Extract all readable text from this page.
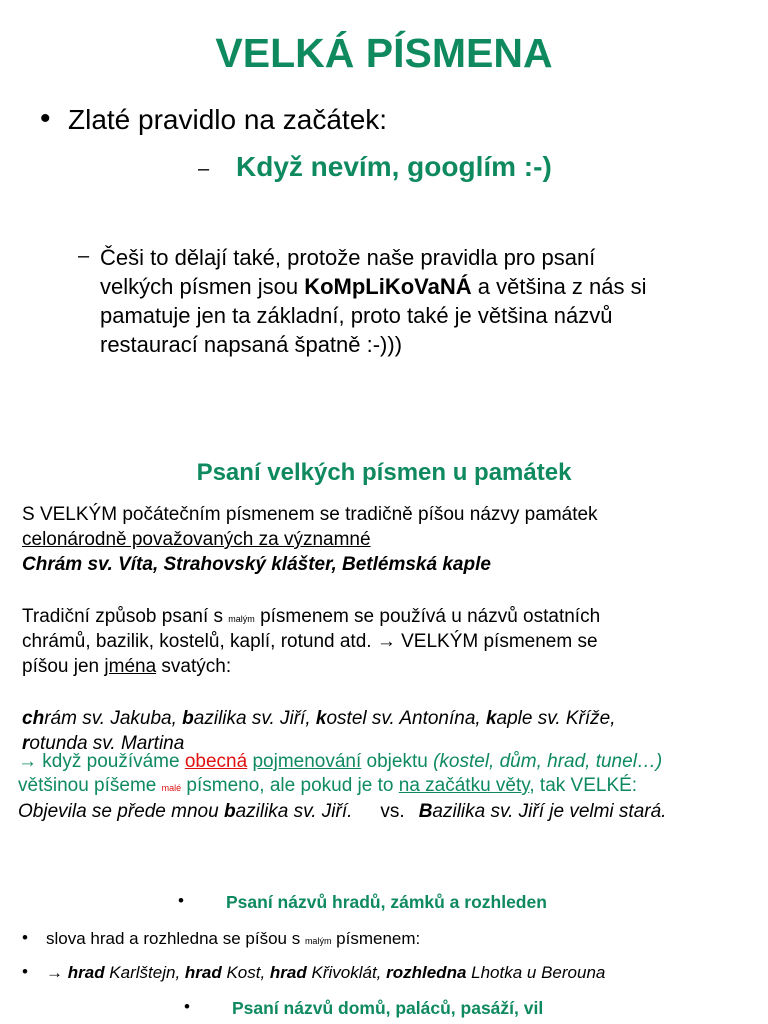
VELKÁ PÍSMENA
• Zlaté pravidlo na začátek:
– Když nevím, googlím :-)
– Češi to dělají také, protože naše pravidla pro psaní
velkých písmen jsou KoMpLiKoVaNÁ a většina z nás si
pamatuje jen ta základní, proto také je většina názvů
restaurací napsaná špatně :-)))
Psaní velkých písmen u památek
S VELKÝM počátečním písmenem se tradičně píšou názvy památek
celonárodně považovaných za významné
Chrám sv. Víta, Strahovský klášter, Betlémská kaple
Tradiční způsob psaní s malým písmenem se používá u názvů ostatních
chrámů, bazilik, kostelů, kaplí, rotund atd. → VELKÝM písmenem se
píšou jen jména svatých:
chrám sv. Jakuba, bazilika sv. Jiří, kostel sv. Antonína, kaple sv. Kříže,
rotunda sv. Martina
→ když používáme obecná pojmenování objektu (kostel, dům, hrad, tunel…)
většinou píšeme malé písmeno, ale pokud je to na začátku věty, tak VELKÉ:
Objevila se přede mnou bazilika sv. Jiří. vs. Bazilika sv. Jiří je velmi stará.
• Psaní názvů hradů, zámků a rozhleden
• slova hrad a rozhledna se píšou s malým písmenem:
• → hrad Karlštejn, hrad Kost, hrad Křivoklát, rozhledna Lhotka u Berouna
• Psaní názvů domů, paláců, pasáží, vil
